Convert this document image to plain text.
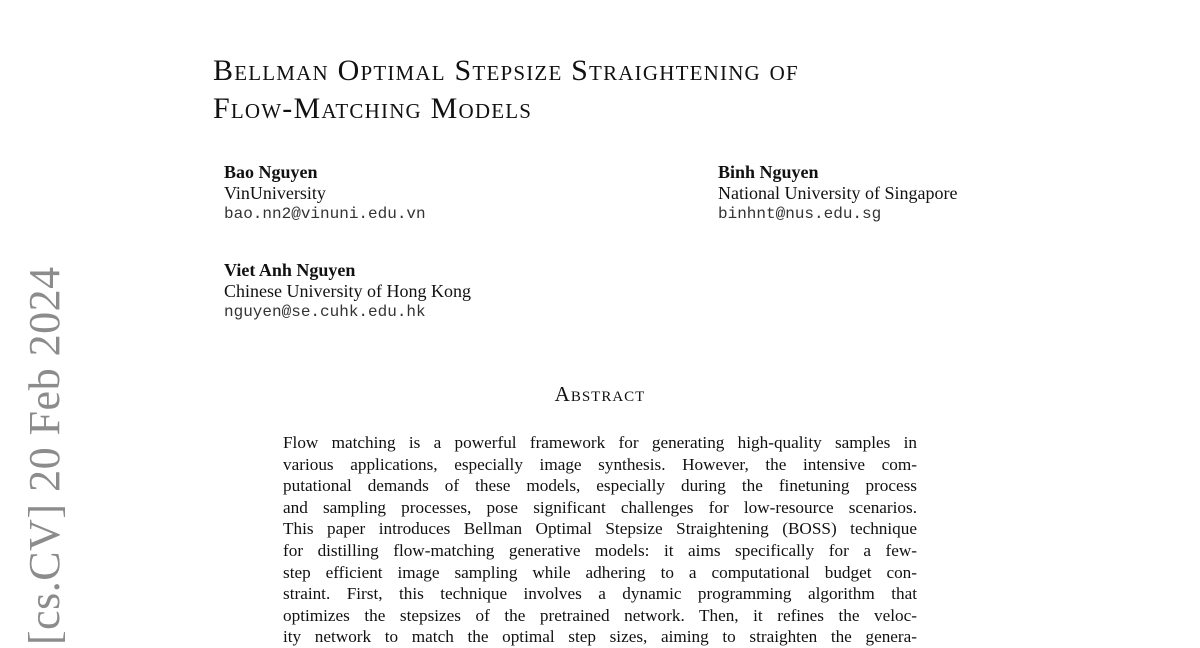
[cs.CV] 20 Feb 2024
Bellman Optimal Stepsize Straightening of
Flow-Matching Models
Bao Nguyen
VinUniversity
bao.nn2@vinuni.edu.vn
Binh Nguyen
National University of Singapore
binhnt@nus.edu.sg
Viet Anh Nguyen
Chinese University of Hong Kong
nguyen@se.cuhk.edu.hk
Abstract
Flow matching is a powerful framework for generating high-quality samples in
various applications, especially image synthesis. However, the intensive com-
putational demands of these models, especially during the finetuning process
and sampling processes, pose significant challenges for low-resource scenarios.
This paper introduces Bellman Optimal Stepsize Straightening (BOSS) technique
for distilling flow-matching generative models: it aims specifically for a few-
step efficient image sampling while adhering to a computational budget con-
straint. First, this technique involves a dynamic programming algorithm that
optimizes the stepsizes of the pretrained network. Then, it refines the veloc-
ity network to match the optimal step sizes, aiming to straighten the genera-
